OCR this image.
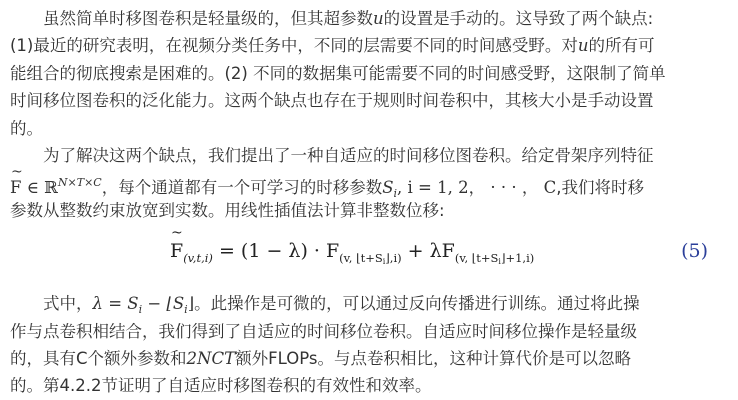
虽然简单时移图卷积是轻量级的，但其超参数u的设置是手动的。这导致了两个缺点:
(1)最近的研究表明，在视频分类任务中，不同的层需要不同的时间感受野。对u的所有可
能组合的彻底搜索是困难的。(2) 不同的数据集可能需要不同的时间感受野，这限制了简单
时间移位图卷积的泛化能力。这两个缺点也存在于规则时间卷积中，其核大小是手动设置
的。
为了解决这两个缺点，我们提出了一种自适应的时间移位图卷积。给定骨架序列特征
~ F ∈ ℝ$^{N\times T\times C}$，每个通道都有一个可学习的时移参数$S_i$, i = 1, 2， · · · ， C,我们将时移
参数从整数约束放宽到实数。用线性插值法计算非整数位移:
~ $F_{(v,t,i)} = (1 - \lambda) \cdot F_{(v, ⌊t+Si⌋,i)} + \lambda F_{(v, ⌊t+Si⌋+1,i)}$	(5)
式中，$\lambda = S_i$ − $⌊S_i⌋$。此操作是可微的，可以通过反向传播进行训练。通过将此操
作与点卷积相结合，我们得到了自适应的时间移位卷积。自适应时间移位操作是轻量级
的，具有C个额外参数和2NCT额外FLOPs。与点卷积相比，这种计算代价是可以忽略
的。第4.2.2节证明了自适应时移图卷积的有效性和效率。
